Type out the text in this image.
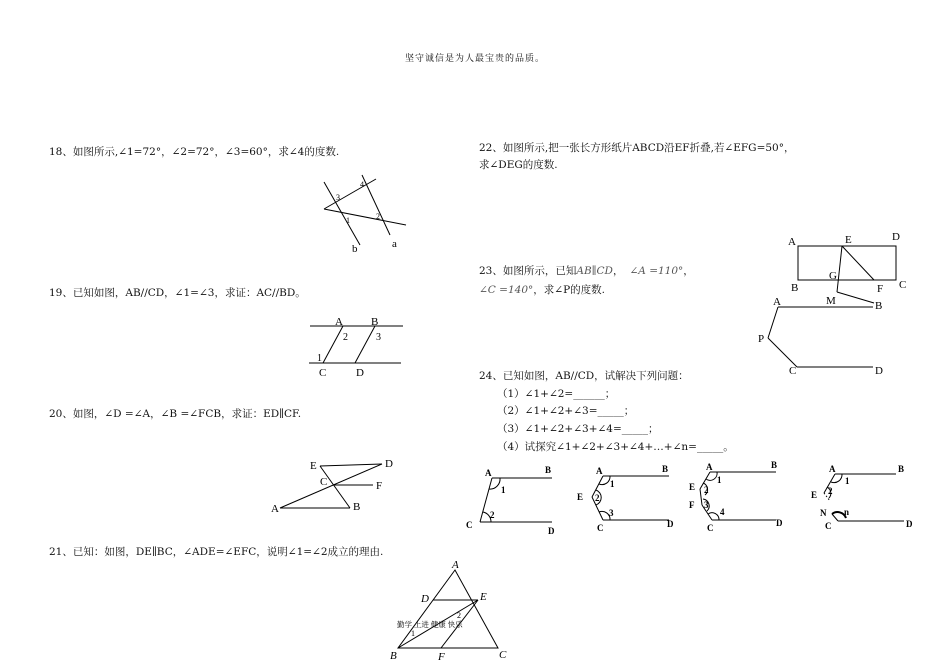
坚守诚信是为人最宝贵的品质。
18、如图所示,∠1=72°，∠2=72°，∠3=60°，求∠4的度数.
3
4
1	2
b	a
19、已知如图，AB//CD，∠1=∠3，求证：AC//BD。
A	B
2	3
1
C	D
20、如图，∠D =∠A，∠B =∠FCB，求证：ED∥CF.
E	D
C	F
A	B
21、已知：如图，DE∥BC，∠ADE=∠EFC，说明∠1=∠2成立的理由.
A
D	E
1
2
B	F	C
勤学 上进 健康 快乐
22、如图所示,把一张长方形纸片ABCD沿EF折叠,若∠EFG=50°，
求∠DEG的度数.
A	E	D
G
B
M
F C
23、如图所示，已知AB∥CD， ∠A =110°，
∠C =140°，求∠P的度数.
A	B
P
C	D
24、已知如图，AB//CD，试解决下列问题：
（1）∠1+∠2=______；
（2）∠1+∠2+∠3=_____；
（3）∠1+∠2+∠3+∠4=_____；
（4）试探究∠1+∠2+∠3+∠4+…+∠n=_____。
A	B
1
2
C
D
A	B
1
E 2
3
C	D
A	B
1
E 2
F 3
4
C	D
A	B
1
E 2
N n
C	D
